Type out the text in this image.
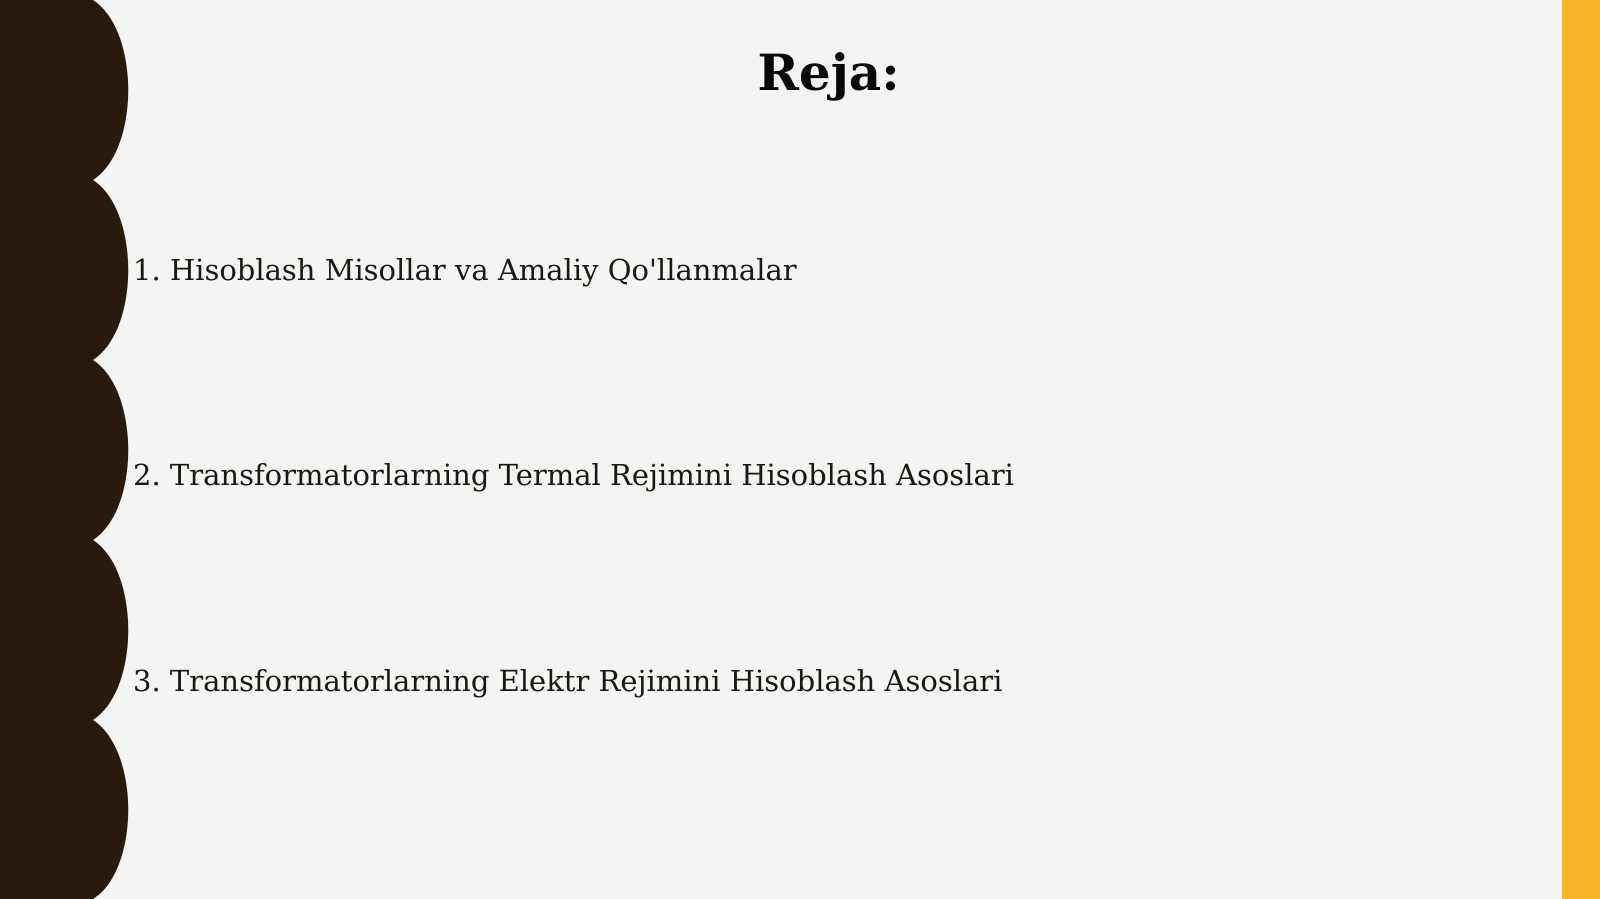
Reja:
1. Hisoblash Misollar va Amaliy Qo'llanmalar
2. Transformatorlarning Termal Rejimini Hisoblash Asoslari
3. Transformatorlarning Elektr Rejimini Hisoblash Asoslari
